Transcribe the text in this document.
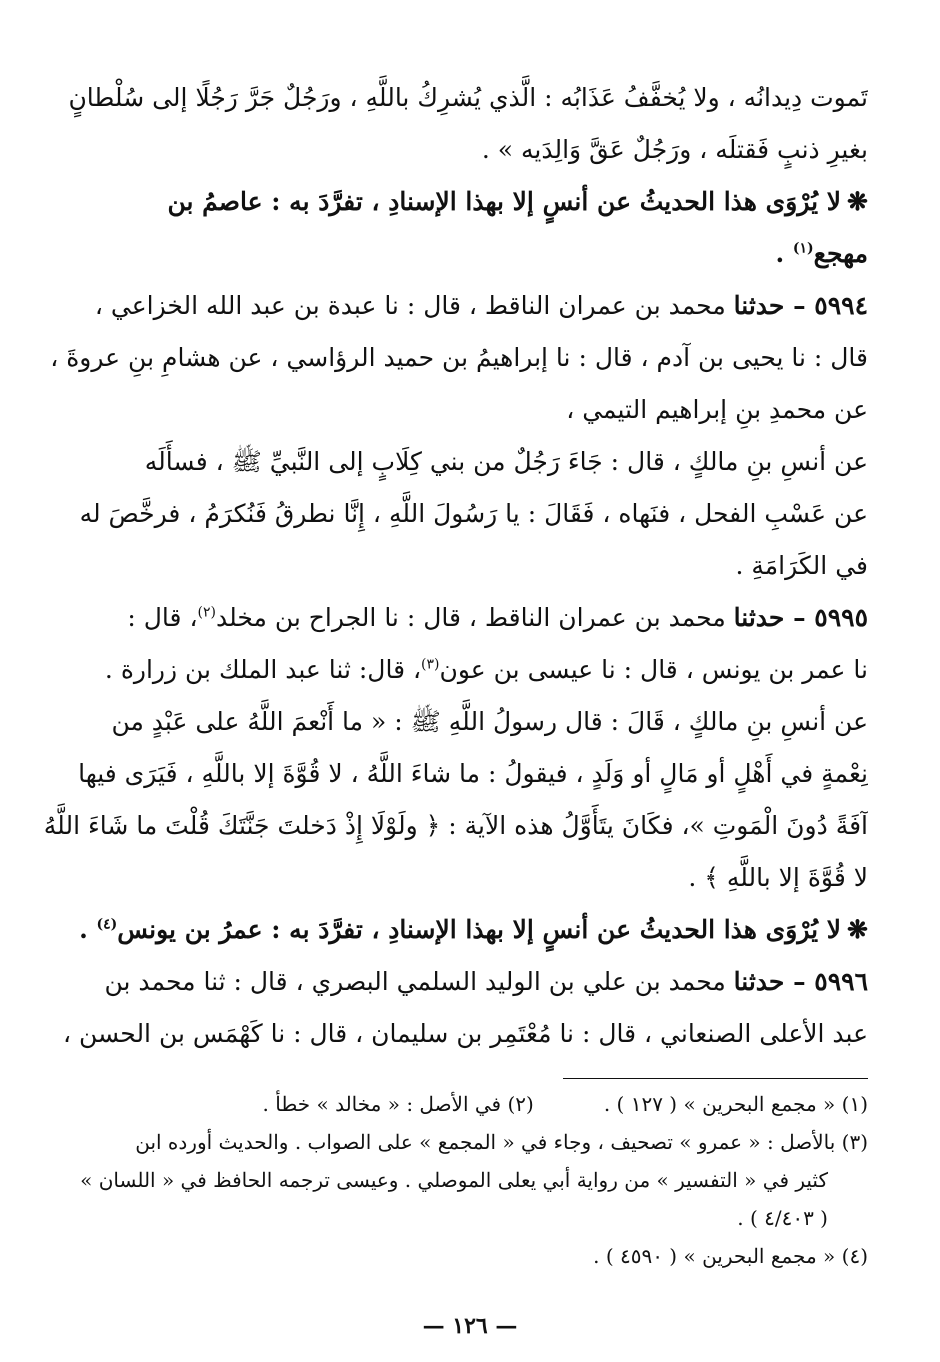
تَموت دِيدانُه ، ولا يُخفَّفُ عَذَابُه : الَّذي يُشرِكُ باللَّهِ ، ورَجُلٌ جَرَّ رَجُلًا إلى سُلْطانٍ
بغيرِ ذنبٍ فَقتلَه ، ورَجُلٌ عَقَّ وَالِدَيه » .
❋لا يُرْوَى هذا الحديثُ عن أنسٍ إلا بهذا الإسنادِ ، تفرَّدَ به : عاصمُ بن
مهجع$^{(١)}$ .
٥٩٩٤ – حدثنا محمد بن عمران الناقط ، قال : نا عبدة بن عبد الله الخزاعي ،
قال : نا يحيى بن آدم ، قال : نا إبراهيمُ بن حميد الرؤاسي ، عن هشامِ بنِ عروةَ ،
عن محمدِ بنِ إبراهيم التيمي ،
عن أنسِ بنِ مالكٍ ، قال : جَاءَ رَجُلٌ من بني كِلَابٍ إلى النَّبيِّ ﷺ ، فسأَلَه
عن عَسْبِ الفحل ، فنَهاه ، فَقَالَ : يا رَسُولَ اللَّهِ ، إِنَّا نطرقُ فَنُكرَمُ ، فرخَّصَ له
في الكَرَامَةِ .
٥٩٩٥ – حدثنا محمد بن عمران الناقط ، قال : نا الجراح بن مخلد$^{(٢)}$، قال :
نا عمر بن يونس ، قال : نا عيسى بن عون$^{(٣)}$، قال: ثنا عبد الملك بن زرارة .
عن أنسِ بنِ مالكٍ ، قَالَ : قال رسولُ اللَّهِ ﷺ : « ما أَنْعمَ اللَّهُ على عَبْدٍ من
نِعْمةٍ في أَهْلٍ أو مَالٍ أو وَلَدٍ ، فيقولُ : ما شاءَ اللَّهُ ، لا قُوَّةَ إلا باللَّهِ ، فَيَرَى فيها
آفَةً دُونَ الْمَوتِ »، فكَانَ يتَأَوَّلُ هذه الآية : ﴿ ولَوْلَا إِذْ دَخلتَ جَنَّتَكَ قُلْتَ ما شَاءَ اللَّهُ
لا قُوَّةَ إلا باللَّهِ ﴾ .
❋لا يُرْوَى هذا الحديثُ عن أنسٍ إلا بهذا الإسنادِ ، تفرَّدَ به : عمرُ بن يونس$^{(٤)}$ .
٥٩٩٦ – حدثنا محمد بن علي بن الوليد السلمي البصري ، قال : ثنا محمد بن
عبد الأعلى الصنعاني ، قال : نا مُعْتَمِر بن سليمان ، قال : نا كَهْمَس بن الحسن ،
(١) « مجمع البحرين » ( ١٢٧ ) .
(٢) في الأصل : « مخالد » خطأ .
(٣) بالأصل : « عمرو » تصحيف ، وجاء في « المجمع » على الصواب . والحديث أورده ابن
كثير في « التفسير » من رواية أبي يعلى الموصلي . وعيسى ترجمه الحافظ في « اللسان »
( ٤/٤٠٣ ) .
(٤) « مجمع البحرين » ( ٤٥٩٠ ) .
— ١٢٦ —
